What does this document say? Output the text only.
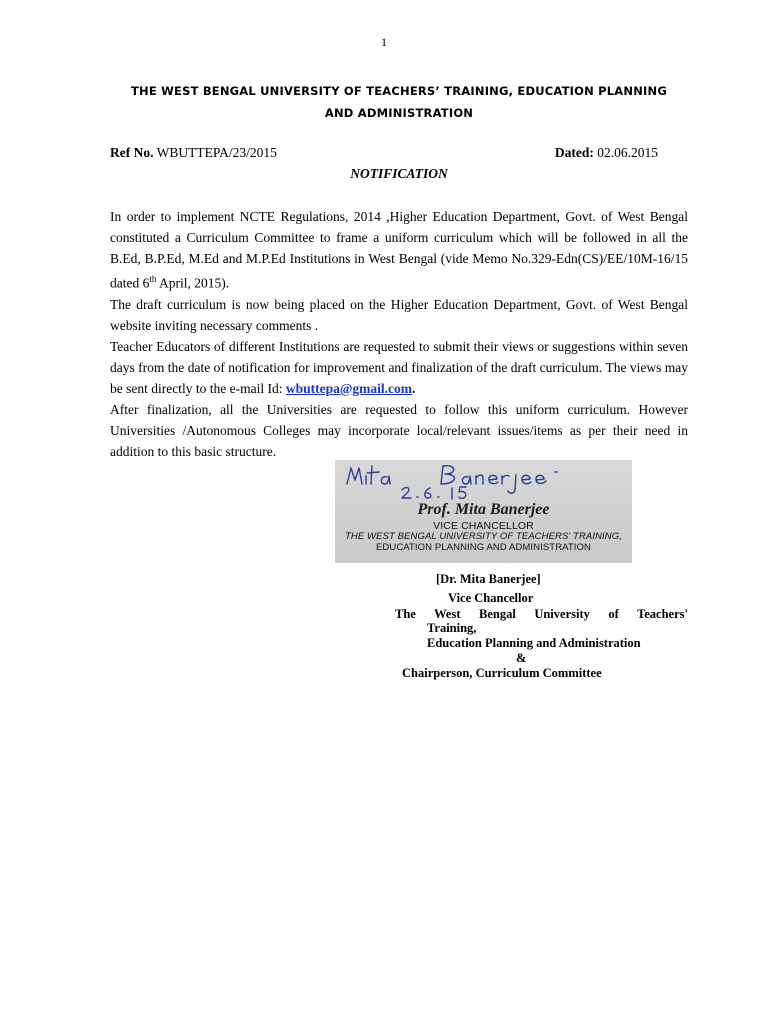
1
THE WEST BENGAL UNIVERSITY OF TEACHERS’ TRAINING, EDUCATION PLANNING
AND ADMINISTRATION
Ref No. WBUTTEPA/23/2015	Dated: 02.06.2015
NOTIFICATION

In order to implement NCTE Regulations, 2014 ,Higher Education Department, Govt. of West Bengal constituted a Curriculum Committee to frame a uniform curriculum which will be followed in all the B.Ed, B.P.Ed, M.Ed and M.P.Ed Institutions in West Bengal (vide Memo No.329-Edn(CS)/EE/10M-16/15 dated 6th April, 2015).

The draft curriculum is now being placed on the Higher Education Department, Govt. of West Bengal website inviting necessary comments .

Teacher Educators of different Institutions are requested to submit their views or suggestions within seven days from the date of notification for improvement and finalization of the draft curriculum. The views may be sent directly to the e-mail Id: wbuttepa@gmail.com.

After finalization, all the Universities are requested to follow this uniform curriculum. However Universities /Autonomous Colleges may incorporate local/relevant issues/items as per their need in addition to this basic structure.

Prof. Mita Banerjee
VICE CHANCELLOR
THE WEST BENGAL UNIVERSITY OF TEACHERS' TRAINING,
EDUCATION PLANNING AND ADMINISTRATION
[Dr. Mita Banerjee]
Vice Chancellor
The West Bengal University of Teachers'
Training,
Education Planning and Administration
&
Chairperson, Curriculum Committee
